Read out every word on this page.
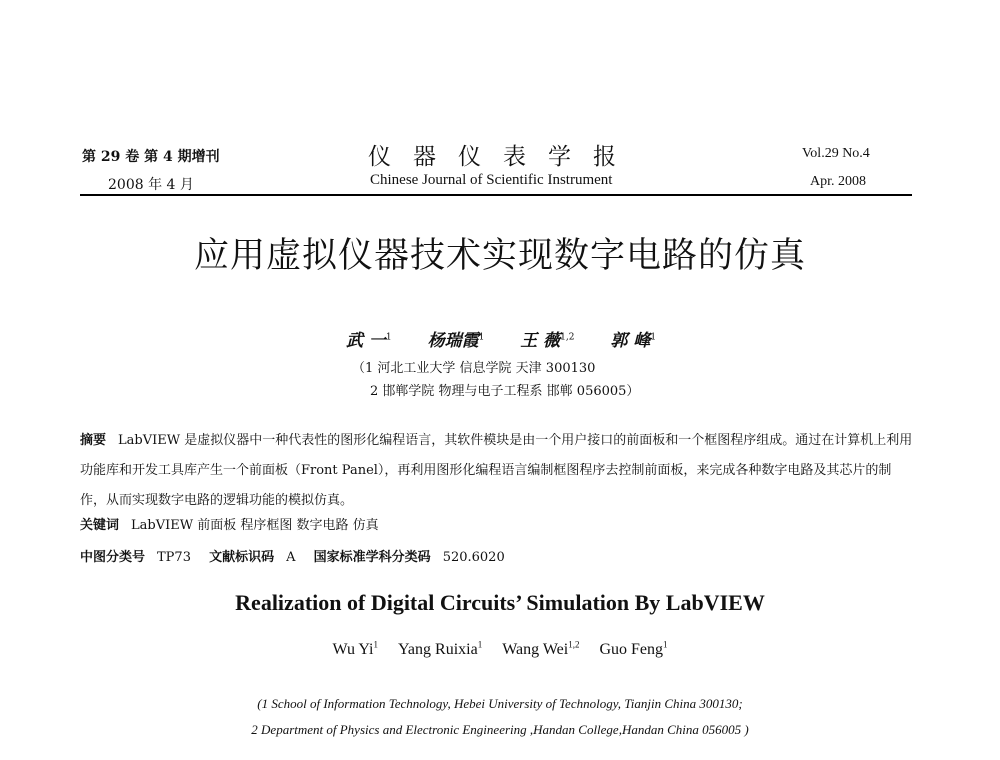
第 29 卷 第 4 期增刊
2008 年 4 月
仪器仪表学报
Chinese Journal of Scientific Instrument
Vol.29 No.4
Apr. 2008
应用虚拟仪器技术实现数字电路的仿真
武 一$^1$ 杨瑞霞$^1$ 王 薇$^{1,2}$ 郭 峰$^1$
（1 河北工业大学 信息学院 天津 300130
2 邯郸学院 物理与电子工程系 邯郸 056005）
摘要 LabVIEW 是虚拟仪器中一种代表性的图形化编程语言，其软件模块是由一个用户接口的前面板和一个框图程序组成。通过在计算机上利用功能库和开发工具库产生一个前面板（Front Panel），再利用图形化编程语言编制框图程序去控制前面板，来完成各种数字电路及其芯片的制作，从而实现数字电路的逻辑功能的模拟仿真。
关键词 LabVIEW 前面板 程序框图 数字电路 仿真
中图分类号 TP73 文献标识码 A 国家标准学科分类码 520.6020
Realization of Digital Circuits’ Simulation By LabVIEW
Wu Yi$^1$ Yang Ruixia$^1$ Wang Wei$^{1,2}$ Guo Feng$^1$
(1 School of Information Technology, Hebei University of Technology, Tianjin China 300130;
2 Department of Physics and Electronic Engineering ,Handan College,Handan China 056005 )
